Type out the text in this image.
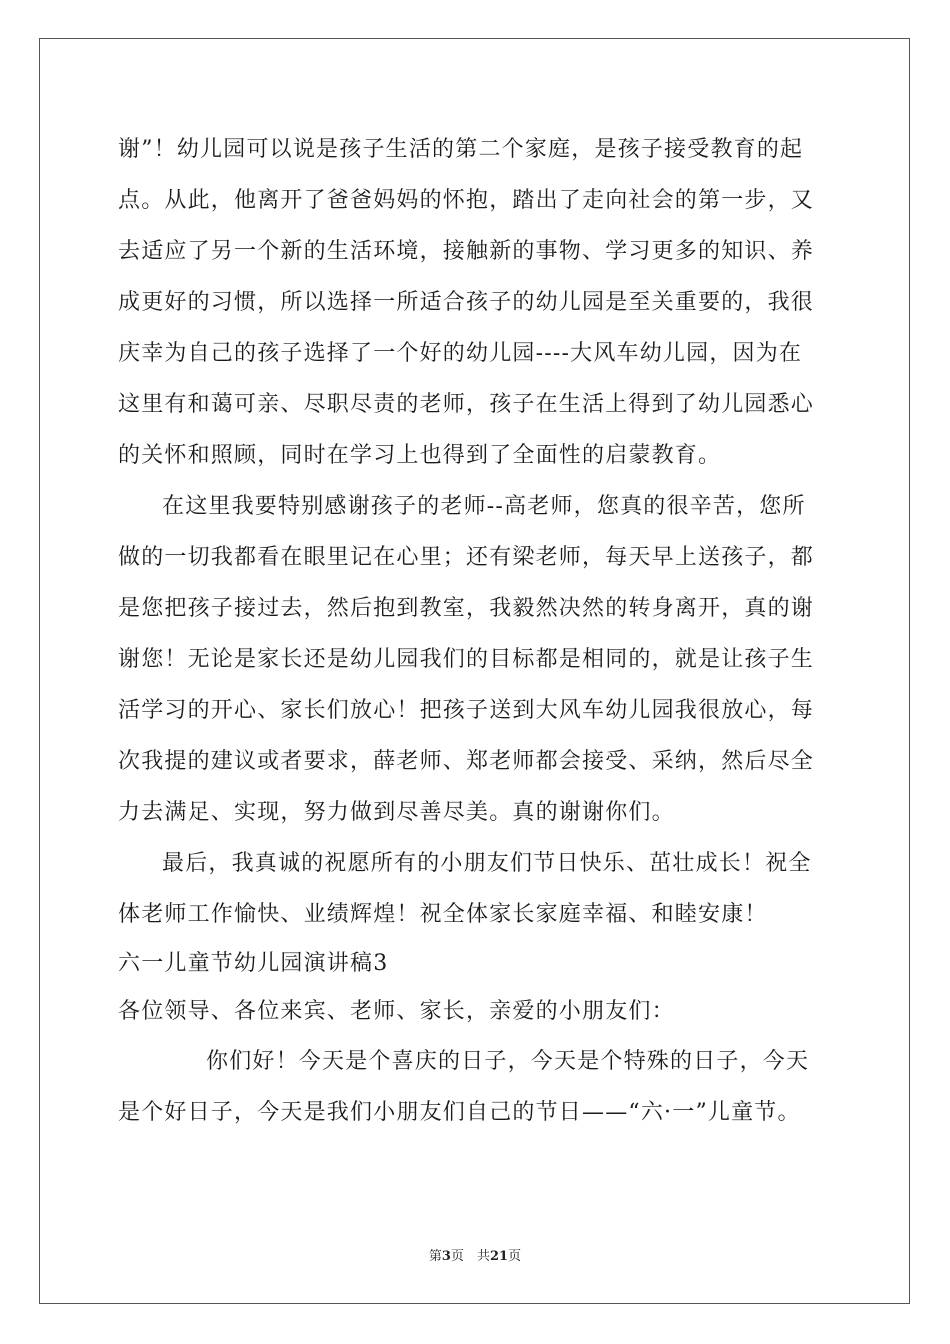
谢”！幼儿园可以说是孩子生活的第二个家庭，是孩子接受教育的起
点。从此，他离开了爸爸妈妈的怀抱，踏出了走向社会的第一步，又
去适应了另一个新的生活环境，接触新的事物、学习更多的知识、养
成更好的习惯，所以选择一所适合孩子的幼儿园是至关重要的，我很
庆幸为自己的孩子选择了一个好的幼儿园----大风车幼儿园，因为在
这里有和蔼可亲、尽职尽责的老师，孩子在生活上得到了幼儿园悉心
的关怀和照顾，同时在学习上也得到了全面性的启蒙教育。
在这里我要特别感谢孩子的老师--高老师，您真的很辛苦，您所
做的一切我都看在眼里记在心里；还有梁老师，每天早上送孩子，都
是您把孩子接过去，然后抱到教室，我毅然决然的转身离开，真的谢
谢您！无论是家长还是幼儿园我们的目标都是相同的，就是让孩子生
活学习的开心、家长们放心！把孩子送到大风车幼儿园我很放心，每
次我提的建议或者要求，薛老师、郑老师都会接受、采纳，然后尽全
力去满足、实现，努力做到尽善尽美。真的谢谢你们。
最后，我真诚的祝愿所有的小朋友们节日快乐、茁壮成长！祝全
体老师工作愉快、业绩辉煌！祝全体家长家庭幸福、和睦安康！
六一儿童节幼儿园演讲稿3
各位领导、各位来宾、老师、家长，亲爱的小朋友们：
你们好！今天是个喜庆的日子，今天是个特殊的日子，今天
是个好日子，今天是我们小朋友们自己的节日——“六·一”儿童节。
第3页　共21页
